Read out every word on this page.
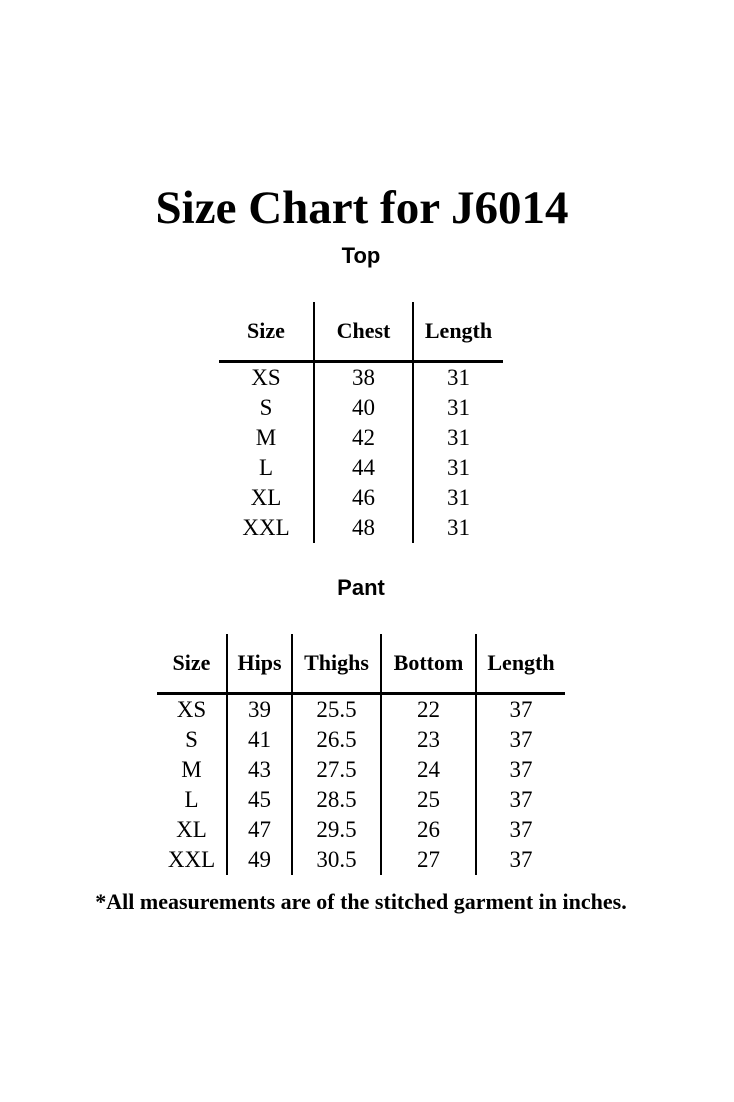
Size Chart for J6014
Top
Size	Chest	Length
XS	38	31
S	40	31
M	42	31
L	44	31
XL	46	31
XXL	48	31
Pant
Size	Hips	Thighs	Bottom	Length
XS	39	25.5	22	37
S	41	26.5	23	37
M	43	27.5	24	37
L	45	28.5	25	37
XL	47	29.5	26	37
XXL	49	30.5	27	37
*All measurements are of the stitched garment in inches.
